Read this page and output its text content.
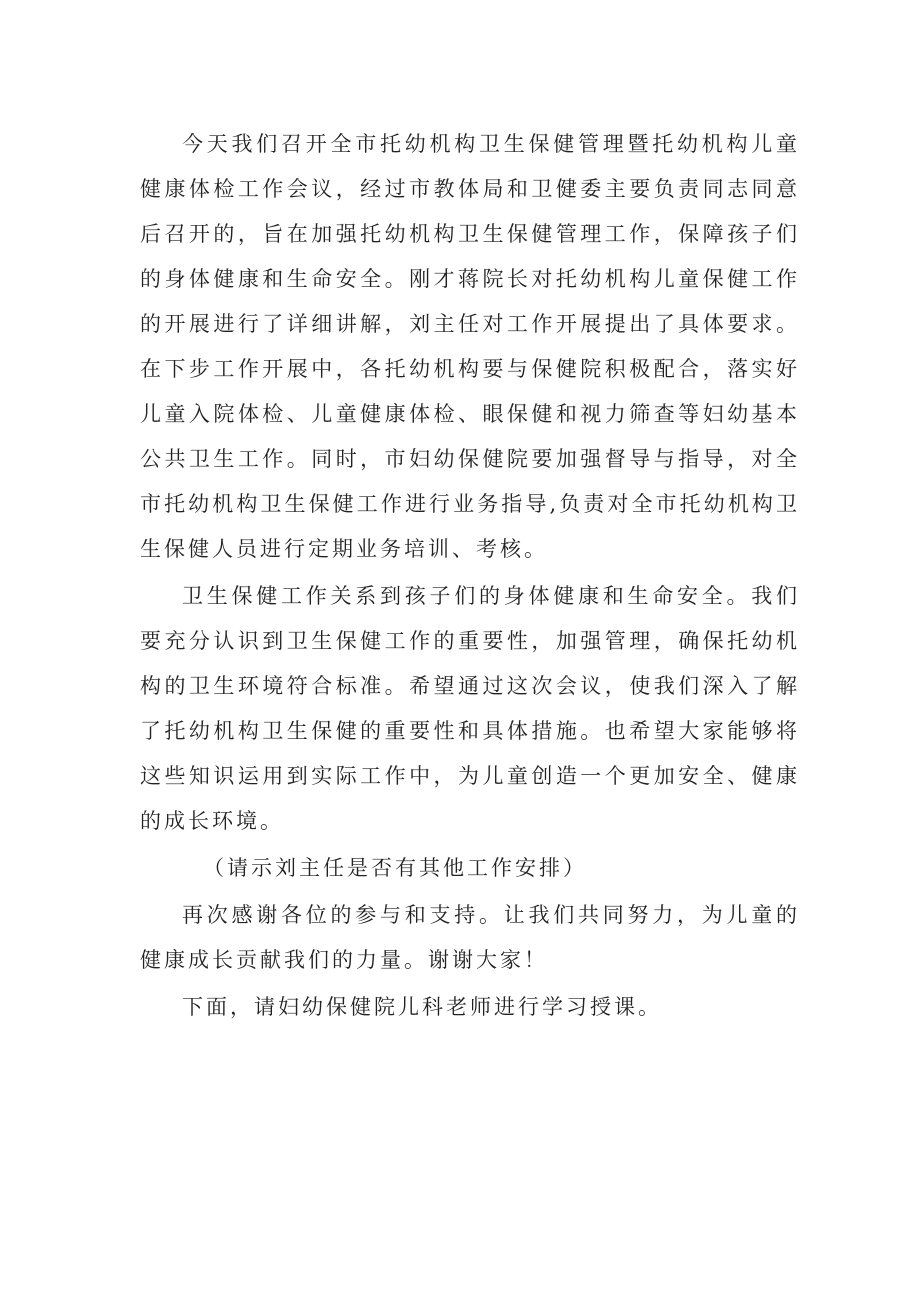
今天我们召开全市托幼机构卫生保健管理暨托幼机构儿童健康体检工作会议，经过市教体局和卫健委主要负责同志同意后召开的，旨在加强托幼机构卫生保健管理工作，保障孩子们的身体健康和生命安全。刚才蒋院长对托幼机构儿童保健工作的开展进行了详细讲解，刘主任对工作开展提出了具体要求。在下步工作开展中，各托幼机构要与保健院积极配合，落实好儿童入院体检、儿童健康体检、眼保健和视力筛查等妇幼基本公共卫生工作。同时，市妇幼保健院要加强督导与指导，对全市托幼机构卫生保健工作进行业务指导,负责对全市托幼机构卫生保健人员进行定期业务培训、考核。

卫生保健工作关系到孩子们的身体健康和生命安全。我们要充分认识到卫生保健工作的重要性，加强管理，确保托幼机构的卫生环境符合标准。希望通过这次会议，使我们深入了解了托幼机构卫生保健的重要性和具体措施。也希望大家能够将这些知识运用到实际工作中，为儿童创造一个更加安全、健康的成长环境。

（请示刘主任是否有其他工作安排）

再次感谢各位的参与和支持。让我们共同努力，为儿童的健康成长贡献我们的力量。谢谢大家！

下面，请妇幼保健院儿科老师进行学习授课。
